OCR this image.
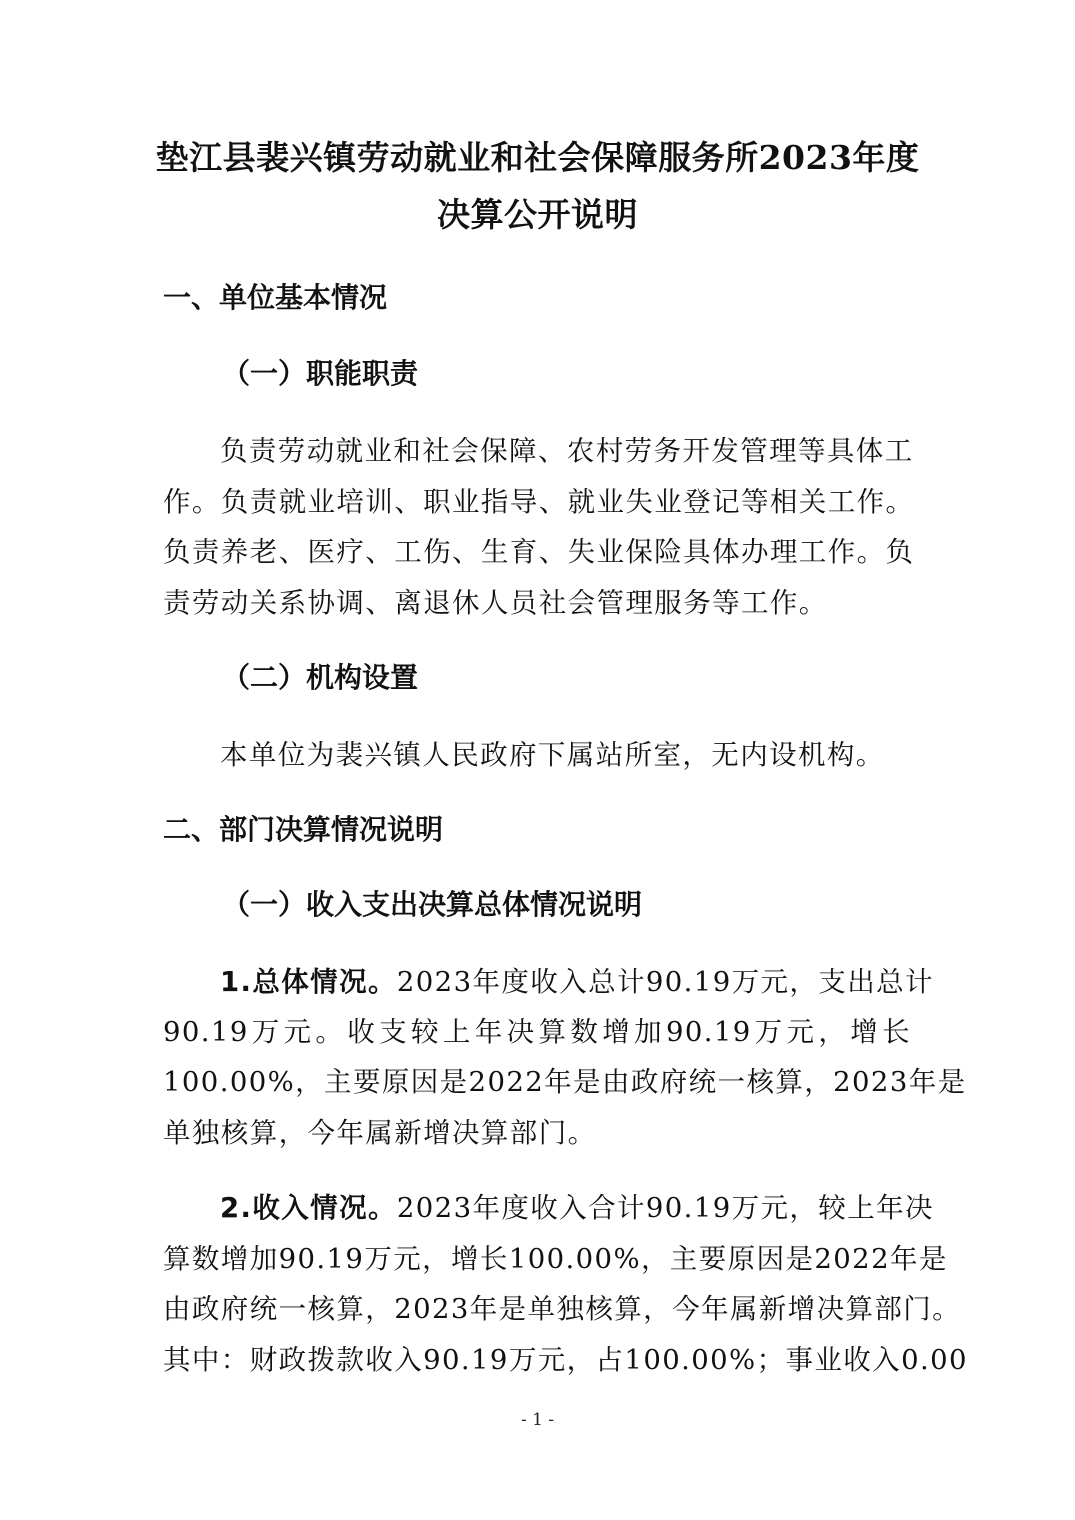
垫江县裴兴镇劳动就业和社会保障服务所2023年度
决算公开说明
一、单位基本情况
（一）职能职责
负责劳动就业和社会保障、农村劳务开发管理等具体工
作。负责就业培训、职业指导、就业失业登记等相关工作。
负责养老、医疗、工伤、生育、失业保险具体办理工作。负
责劳动关系协调、离退休人员社会管理服务等工作。
（二）机构设置
本单位为裴兴镇人民政府下属站所室，无内设机构。
二、部门决算情况说明
（一）收入支出决算总体情况说明
1.总体情况。2023年度收入总计90.19万元，支出总计
90.19万元。收支较上年决算数增加90.19万元，增长
100.00%，主要原因是2022年是由政府统一核算，2023年是
单独核算，今年属新增决算部门。
2.收入情况。2023年度收入合计90.19万元，较上年决
算数增加90.19万元，增长100.00%，主要原因是2022年是
由政府统一核算，2023年是单独核算，今年属新增决算部门。
其中：财政拨款收入90.19万元，占100.00%；事业收入0.00
- 1 -
